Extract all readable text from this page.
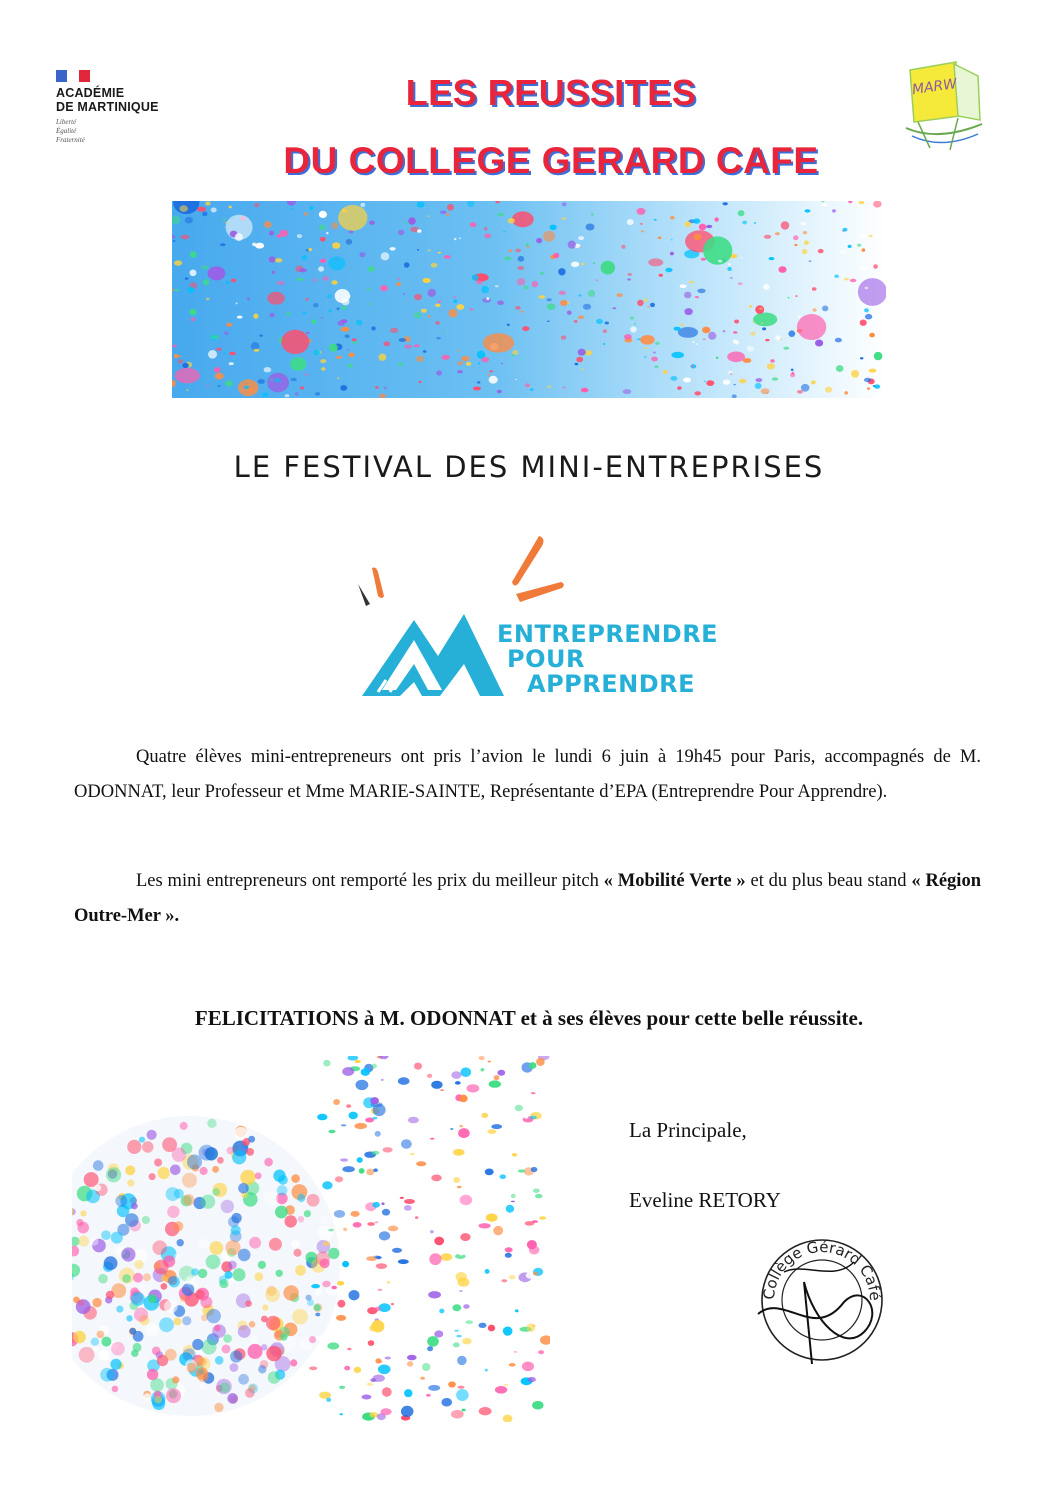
ACADÉMIE
DE MARTINIQUE
Liberté
Égalité
Fraternité
LES REUSSITES
DU COLLEGE GERARD CAFE
MARW
LE FESTIVAL DES MINI-ENTREPRISES
ENTREPRENDRE
POUR
APPRENDRE
Quatre élèves mini-entrepreneurs ont pris l’avion le lundi 6 juin à 19h45 pour Paris, accompagnés de M. ODONNAT, leur Professeur et Mme MARIE-SAINTE, Représentante d’EPA (Entreprendre Pour Apprendre).
Les mini entrepreneurs ont remporté les prix du meilleur pitch « Mobilité Verte » et du plus beau stand « Région Outre-Mer ».
FELICITATIONS à M. ODONNAT et à ses élèves pour cette belle réussite.
La Principale,
Eveline RETORY
Collège Gérard Café
